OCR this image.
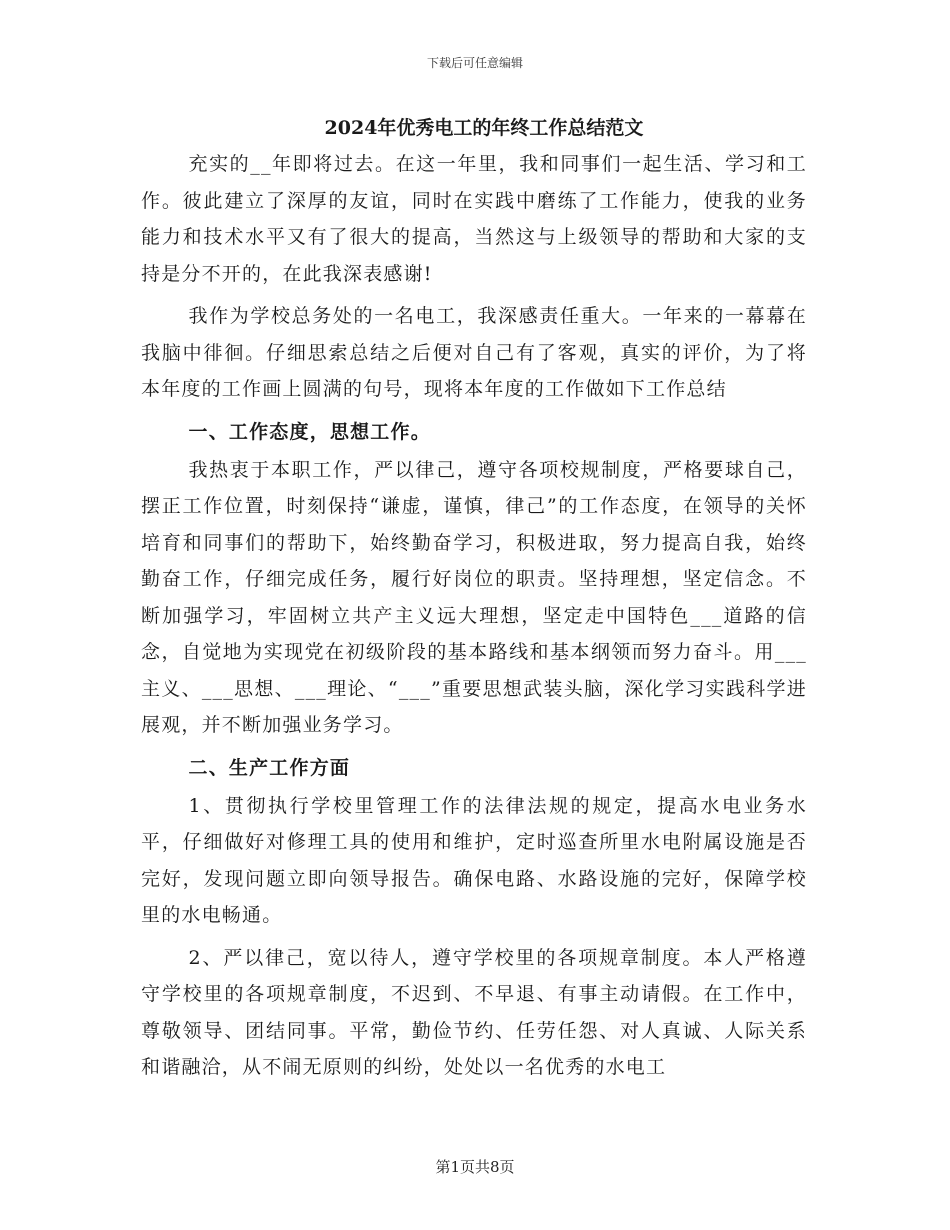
下载后可任意编辑
2024年优秀电工的年终工作总结范文

充实的__年即将过去。在这一年里，我和同事们一起生活、学习和工作。彼此建立了深厚的友谊，同时在实践中磨练了工作能力，使我的业务能力和技术水平又有了很大的提高，当然这与上级领导的帮助和大家的支持是分不开的，在此我深表感谢!

我作为学校总务处的一名电工，我深感责任重大。一年来的一幕幕在我脑中徘徊。仔细思索总结之后便对自己有了客观，真实的评价，为了将本年度的工作画上圆满的句号，现将本年度的工作做如下工作总结

一、工作态度，思想工作。

我热衷于本职工作，严以律己，遵守各项校规制度，严格要球自己，摆正工作位置，时刻保持“谦虚，谨慎，律己”的工作态度，在领导的关怀培育和同事们的帮助下，始终勤奋学习，积极进取，努力提高自我，始终勤奋工作，仔细完成任务，履行好岗位的职责。坚持理想，坚定信念。不断加强学习，牢固树立共产主义远大理想，坚定走中国特色___道路的信念，自觉地为实现党在初级阶段的基本路线和基本纲领而努力奋斗。用___主义、___思想、___理论、“___”重要思想武装头脑，深化学习实践科学进展观，并不断加强业务学习。

二、生产工作方面

1、贯彻执行学校里管理工作的法律法规的规定，提高水电业务水平，仔细做好对修理工具的使用和维护，定时巡查所里水电附属设施是否完好，发现问题立即向领导报告。确保电路、水路设施的完好，保障学校里的水电畅通。

2、严以律己，宽以待人，遵守学校里的各项规章制度。本人严格遵守学校里的各项规章制度，不迟到、不早退、有事主动请假。在工作中，尊敬领导、团结同事。平常，勤俭节约、任劳任怨、对人真诚、人际关系和谐融洽，从不闹无原则的纠纷，处处以一名优秀的水电工

第1页共8页
